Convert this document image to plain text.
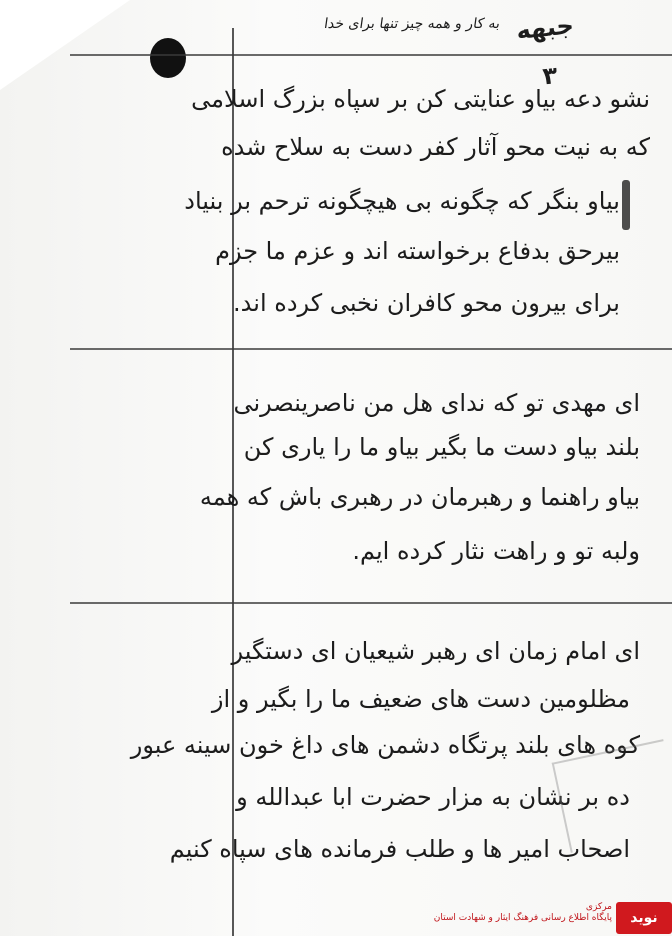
به کار و همه چیز تنها برای خدا جبهه ۳
نشو دعه بیاو عنایتی کن بر سپاه بزرگ اسلامی
که به نیت محو آثار کفر دست به سلاح شده
بیاو بنگر که چگونه بی هیچگونه ترحم بر بنیاد
بیرحق بدفاع برخواسته اند و عزم ما جزم
برای بیرون محو کافران نخبی کرده اند.
ای مهدی تو که ندای هل من ناصرینصرنی
بلند بیاو دست ما بگیر بیاو ما را یاری کن
بیاو راهنما و رهبرمان در رهبری باش که همه
ولبه تو و راهت نثار کرده ایم.
ای امام زمان ای رهبر شیعیان ای دستگیر
مظلومین دست های ضعیف ما را بگیر و از
کوه های بلند پرتگاه دشمن های داغ خون سینه عبور
ده بر نشان به مزار حضرت ابا عبدالله و
اصحاب امیر ها و طلب فرمانده های سپاه کنیم
نوید
مرکزی
پایگاه اطلاع رسانی فرهنگ ایثار و شهادت استان
